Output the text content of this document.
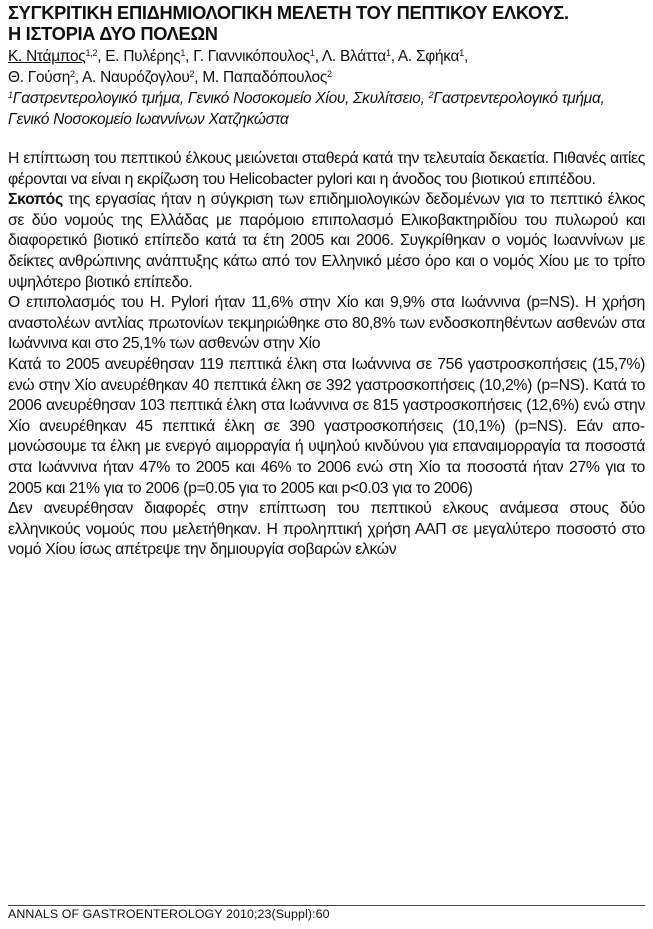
ΣΥΓΚΡΙΤΙΚΗ ΕΠΙΔΗΜΙΟΛΟΓΙΚΗ ΜΕΛΕΤΗ ΤΟΥ ΠΕΠΤΙΚΟΥ ΕΛΚΟΥΣ.
Η ΙΣΤΟΡΙΑ ΔΥΟ ΠΟΛΕΩΝ
Κ. Ντάμπος$^{1,2}$, Ε. Πυλέρης$^1$, Γ. Γιαννικόπουλος$^1$, Λ. Βλάττα$^1$, Α. Σφήκα$^1$,
Θ. Γούση$^2$, Α. Ναυρόζογλου$^2$, Μ. Παπαδόπουλος$^2$
$^1$Γαστρεντερολογικό τμήμα, Γενικό Νοσοκομείο Χίου, Σκυλίτσειο, $^2$Γαστρεντερολογικό τμήμα, Γενικό Νοσοκομείο Ιωαννίνων Χατζηκώστα

Η επίπτωση του πεπτικού έλκους μειώνεται σταθερά κατά την τελευταία δεκαετία. Πιθανές αιτίες φέρονται να είναι η εκρίζωση του Helicobacter pylori και η άνοδος του βιοτικού επιπέδου.

Σκοπός της εργασίας ήταν η σύγκριση των επιδημιολογικών δεδομένων για το πεπτικό έλκος σε δύο νομούς της Ελλάδας με παρόμοιο επιπολασμό Ελικοβακτηριδίου του πυλωρού και διαφορετικό βιοτικό επίπεδο κατά τα έτη 2005 και 2006. Συγκρίθηκαν ο νομός Ιωαννίνων με δείκτες ανθρώπινης ανάπτυξης κάτω από τον Ελληνικό μέσο όρο και ο νομός Χίου με το τρίτο υψηλότερο βιοτικό επίπεδο.

Ο επιπολασμός του H. Pylori ήταν 11,6% στην Χίο και 9,9% στα Ιωάννινα (p=NS). Η χρήση αναστολέων αντλίας πρωτονίων τεκμηριώθηκε στο 80,8% των ενδοσκοπηθέντων ασθενών στα Ιωάννινα και στο 25,1% των ασθενών στην Χίο

Κατά το 2005 ανευρέθησαν 119 πεπτικά έλκη στα Ιωάννινα σε 756 γαστροσκοπήσεις (15,7%) ενώ στην Χίο ανευρέθηκαν 40 πεπτικά έλκη σε 392 γαστροσκοπήσεις (10,2%) (p=NS). Κατά το 2006 ανευρέθησαν 103 πεπτικά έλκη στα Ιωάννινα σε 815 γαστροσκοπήσεις (12,6%) ενώ στην Χίο ανευρέθηκαν 45 πεπτικά έλκη σε 390 γαστροσκοπήσεις (10,1%) (p=NS). Εάν απομονώσουμε τα έλκη με ενεργό αιμορραγία ή υψηλού κινδύνου για επαναιμορραγία τα ποσοστά στα Ιωάννινα ήταν 47% το 2005 και 46% το 2006 ενώ στη Χίο τα ποσοστά ήταν 27% για το 2005 και 21% για το 2006 (p=0.05 για το 2005 και p<0.03 για το 2006)

Δεν ανευρέθησαν διαφορές στην επίπτωση του πεπτικού ελκους ανάμεσα στους δύο ελληνικούς νομούς που μελετήθηκαν. Η προληπτική χρήση ΑΑΠ σε μεγαλύτερο ποσοστό στο νομό Χίου ίσως απέτρεψε την δημιουργία σοβαρών ελκών

ANNALS OF GASTROENTEROLOGY 2010;23(Suppl):60
